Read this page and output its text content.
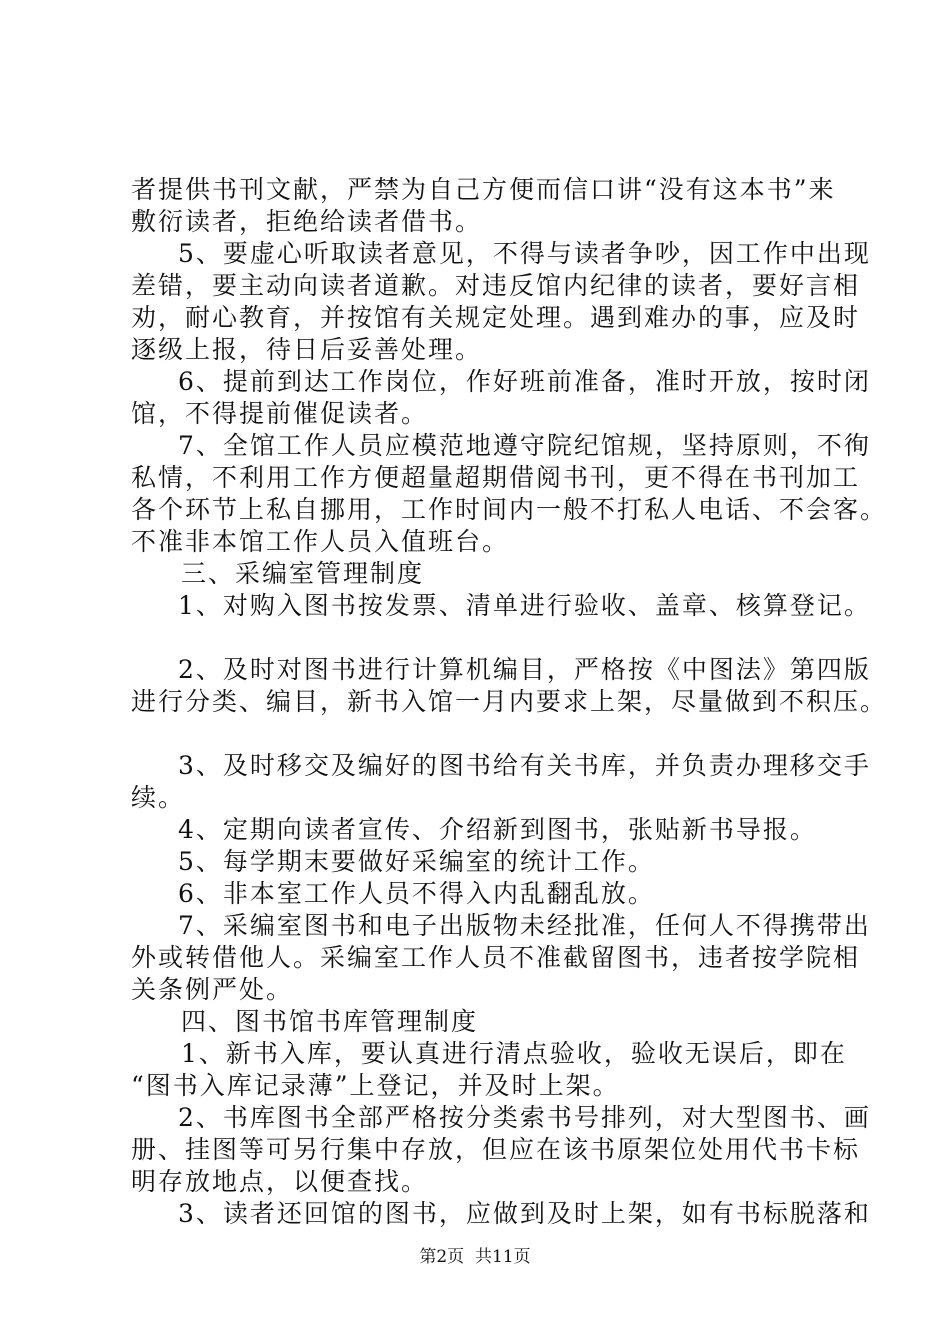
者提供书刊文献，严禁为自己方便而信口讲“没有这本书”来
敷衍读者，拒绝给读者借书。
5、要虚心听取读者意见，不得与读者争吵，因工作中出现
差错，要主动向读者道歉。对违反馆内纪律的读者，要好言相
劝，耐心教育，并按馆有关规定处理。遇到难办的事，应及时
逐级上报，待日后妥善处理。
6、提前到达工作岗位，作好班前准备，准时开放，按时闭
馆，不得提前催促读者。
7、全馆工作人员应模范地遵守院纪馆规，坚持原则，不徇
私情，不利用工作方便超量超期借阅书刊，更不得在书刊加工
各个环节上私自挪用，工作时间内一般不打私人电话、不会客。
不准非本馆工作人员入值班台。
三、采编室管理制度
1、对购入图书按发票、清单进行验收、盖章、核算登记。
2、及时对图书进行计算机编目，严格按《中图法》第四版
进行分类、编目，新书入馆一月内要求上架，尽量做到不积压。
3、及时移交及编好的图书给有关书库，并负责办理移交手
续。
4、定期向读者宣传、介绍新到图书，张贴新书导报。
5、每学期末要做好采编室的统计工作。
6、非本室工作人员不得入内乱翻乱放。
7、采编室图书和电子出版物未经批准，任何人不得携带出
外或转借他人。采编室工作人员不准截留图书，违者按学院相
关条例严处。
四、图书馆书库管理制度
1、新书入库，要认真进行清点验收，验收无误后，即在
“图书入库记录薄”上登记，并及时上架。
2、书库图书全部严格按分类索书号排列，对大型图书、画
册、挂图等可另行集中存放，但应在该书原架位处用代书卡标
明存放地点，以便查找。
3、读者还回馆的图书，应做到及时上架，如有书标脱落和
第2页  共11页
